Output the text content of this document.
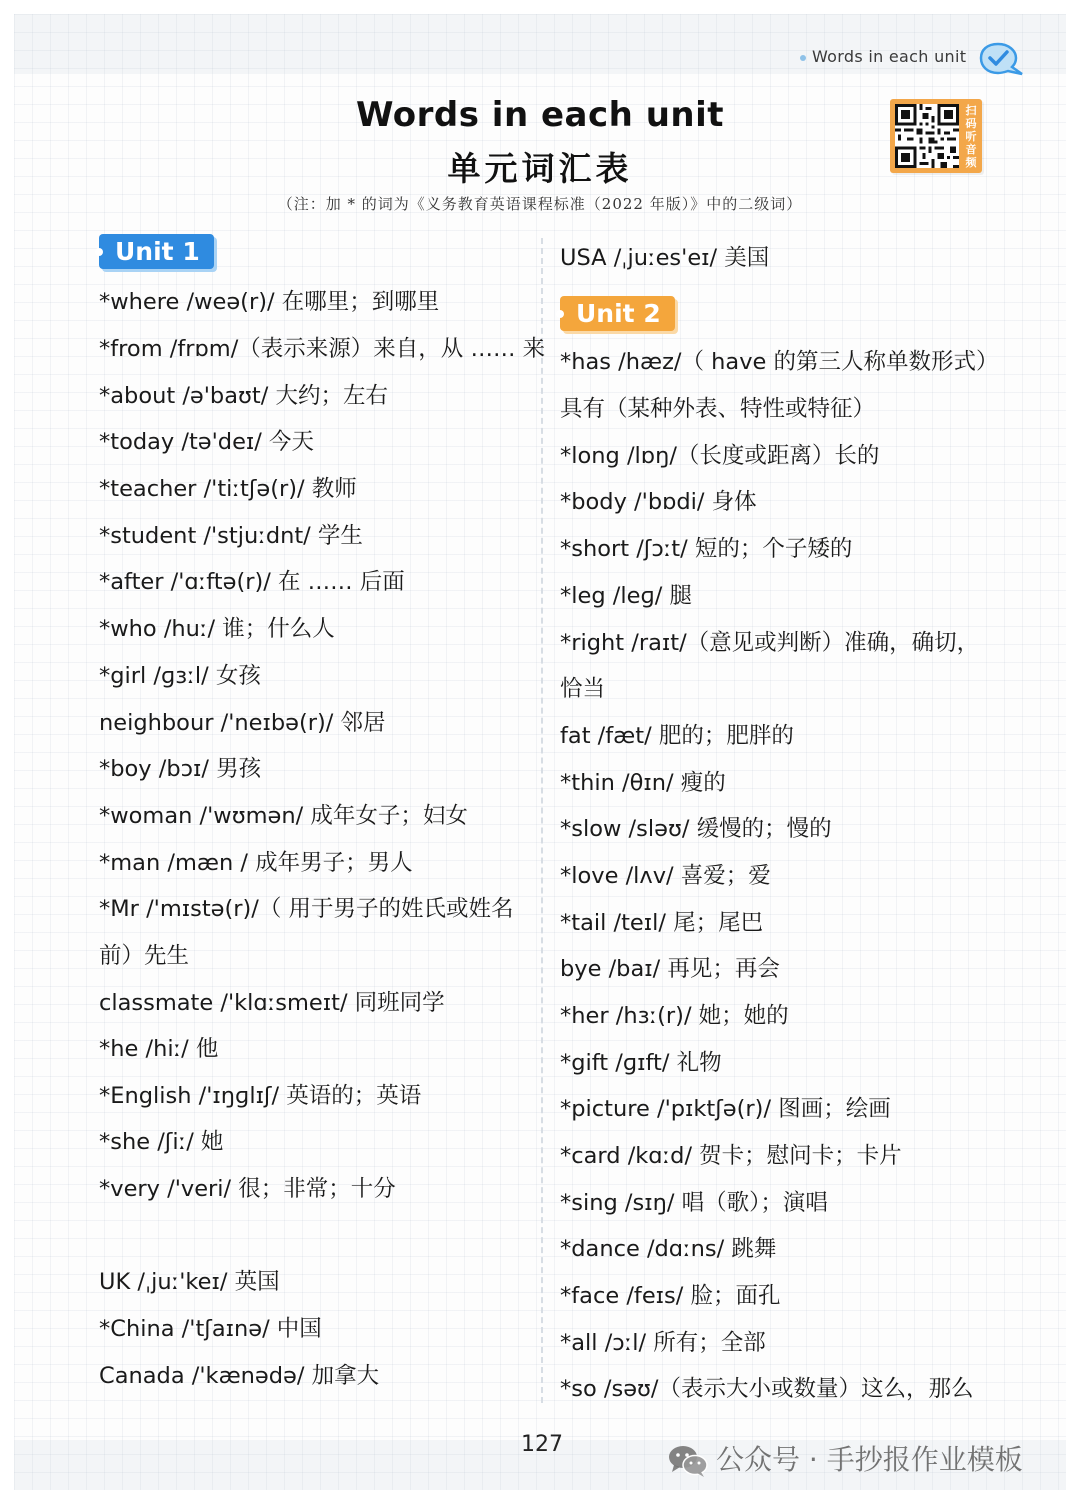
Words in each unit
Words in each unit
单元词汇表
（注：加 * 的词为《义务教育英语课程标准（2022 年版）》中的二级词）
扫码听音频
Unit 1
*where /weə(r)/ 在哪里；到哪里
*from /frɒm/（表示来源）来自，从 …… 来
*about /ə'baʊt/ 大约；左右
*today /tə'deɪ/ 今天
*teacher /'tiːtʃə(r)/ 教师
*student /'stjuːdnt/ 学生
*after /'ɑːftə(r)/ 在 …… 后面
*who /huː/ 谁；什么人
*girl /ɡɜːl/ 女孩
neighbour /'neɪbə(r)/ 邻居
*boy /bɔɪ/ 男孩
*woman /'wʊmən/ 成年女子；妇女
*man /mæn / 成年男子；男人
*Mr /'mɪstə(r)/（ 用于男子的姓氏或姓名
前）先生
classmate /'klɑːsmeɪt/ 同班同学
*he /hiː/ 他
*English /'ɪŋɡlɪʃ/ 英语的；英语
*she /ʃiː/ 她
*very /'veri/ 很；非常；十分
UK /ˌjuː'keɪ/ 英国
*China /'tʃaɪnə/ 中国
Canada /'kænədə/ 加拿大
USA /ˌjuːes'eɪ/ 美国
Unit 2
*has /hæz/（ have 的第三人称单数形式）
具有（某种外表、特性或特征）
*long /lɒŋ/（长度或距离）长的
*body /'bɒdi/ 身体
*short /ʃɔːt/ 短的；个子矮的
*leg /leɡ/ 腿
*right /raɪt/（意见或判断）准确，确切，
恰当
fat /fæt/ 肥的；肥胖的
*thin /θɪn/ 瘦的
*slow /sləʊ/ 缓慢的；慢的
*love /lʌv/ 喜爱；爱
*tail /teɪl/ 尾；尾巴
bye /baɪ/ 再见；再会
*her /hɜː(r)/ 她；她的
*gift /ɡɪft/ 礼物
*picture /'pɪktʃə(r)/ 图画；绘画
*card /kɑːd/ 贺卡；慰问卡；卡片
*sing /sɪŋ/ 唱（歌）；演唱
*dance /dɑːns/ 跳舞
*face /feɪs/ 脸；面孔
*all /ɔːl/ 所有；全部
*so /səʊ/（表示大小或数量）这么，那么
127	公众号 · 手抄报作业模板
